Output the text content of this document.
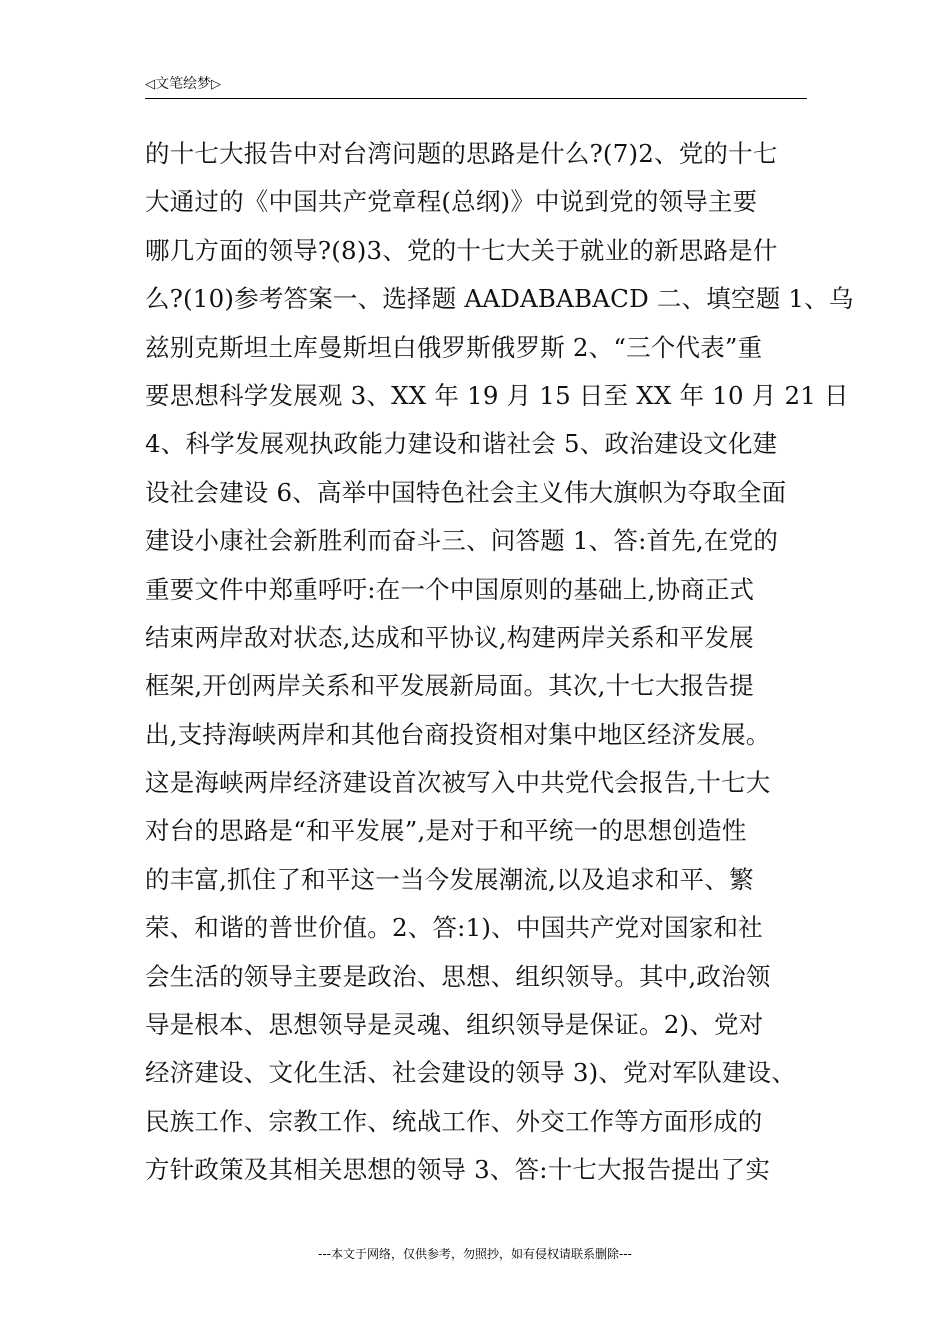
◁文笔绘梦▷
的十七大报告中对台湾问题的思路是什么?(7)2、党的十七
大通过的《中国共产党章程(总纲)》中说到党的领导主要
哪几方面的领导?(8)3、党的十七大关于就业的新思路是什
么?(10)参考答案一、选择题 AADABABACD 二、填空题 1、乌
兹别克斯坦土库曼斯坦白俄罗斯俄罗斯 2、“三个代表”重
要思想科学发展观 3、XX 年 19 月 15 日至 XX 年 10 月 21 日
4、科学发展观执政能力建设和谐社会 5、政治建设文化建
设社会建设 6、高举中国特色社会主义伟大旗帜为夺取全面
建设小康社会新胜利而奋斗三、问答题 1、答:首先,在党的
重要文件中郑重呼吁:在一个中国原则的基础上,协商正式
结束两岸敌对状态,达成和平协议,构建两岸关系和平发展
框架,开创两岸关系和平发展新局面。其次,十七大报告提
出,支持海峡两岸和其他台商投资相对集中地区经济发展。
这是海峡两岸经济建设首次被写入中共党代会报告,十七大
对台的思路是“和平发展”,是对于和平统一的思想创造性
的丰富,抓住了和平这一当今发展潮流,以及追求和平、繁
荣、和谐的普世价值。2、答:1)、中国共产党对国家和社
会生活的领导主要是政治、思想、组织领导。其中,政治领
导是根本、思想领导是灵魂、组织领导是保证。2)、党对
经济建设、文化生活、社会建设的领导 3)、党对军队建设、
民族工作、宗教工作、统战工作、外交工作等方面形成的
方针政策及其相关思想的领导 3、答:十七大报告提出了实
---本文于网络，仅供参考，勿照抄，如有侵权请联系删除---
